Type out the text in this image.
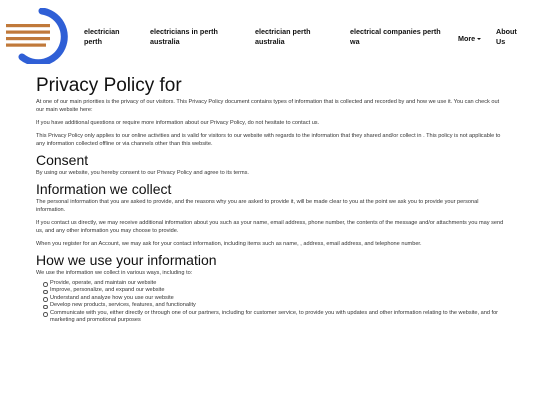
electrician
perth
electricians in perth
australia
electrician perth
australia
electrical companies perth
wa	More
About
Us
Privacy Policy for

At one of our main priorities is the privacy of our visitors. This Privacy Policy document contains types of information that is collected and recorded by and how we use it. You can check out our main website here:

If you have additional questions or require more information about our Privacy Policy, do not hesitate to contact us.

This Privacy Policy only applies to our online activities and is valid for visitors to our website with regards to the information that they shared and/or collect in . This policy is not applicable to any information collected offline or via channels other than this website.

Consent

By using our website, you hereby consent to our Privacy Policy and agree to its terms.

Information we collect

The personal information that you are asked to provide, and the reasons why you are asked to provide it, will be made clear to you at the point we ask you to provide your personal information.

If you contact us directly, we may receive additional information about you such as your name, email address, phone number, the contents of the message and/or attachments you may send us, and any other information you may choose to provide.

When you register for an Account, we may ask for your contact information, including items such as name, , address, email address, and telephone number.

How we use your information

We use the information we collect in various ways, including to:

Provide, operate, and maintain our website
Improve, personalize, and expand our website
Understand and analyze how you use our website
Develop new products, services, features, and functionality
Communicate with you, either directly or through one of our partners, including for customer service, to provide you with updates and other information relating to the website, and for marketing and promotional purposes
